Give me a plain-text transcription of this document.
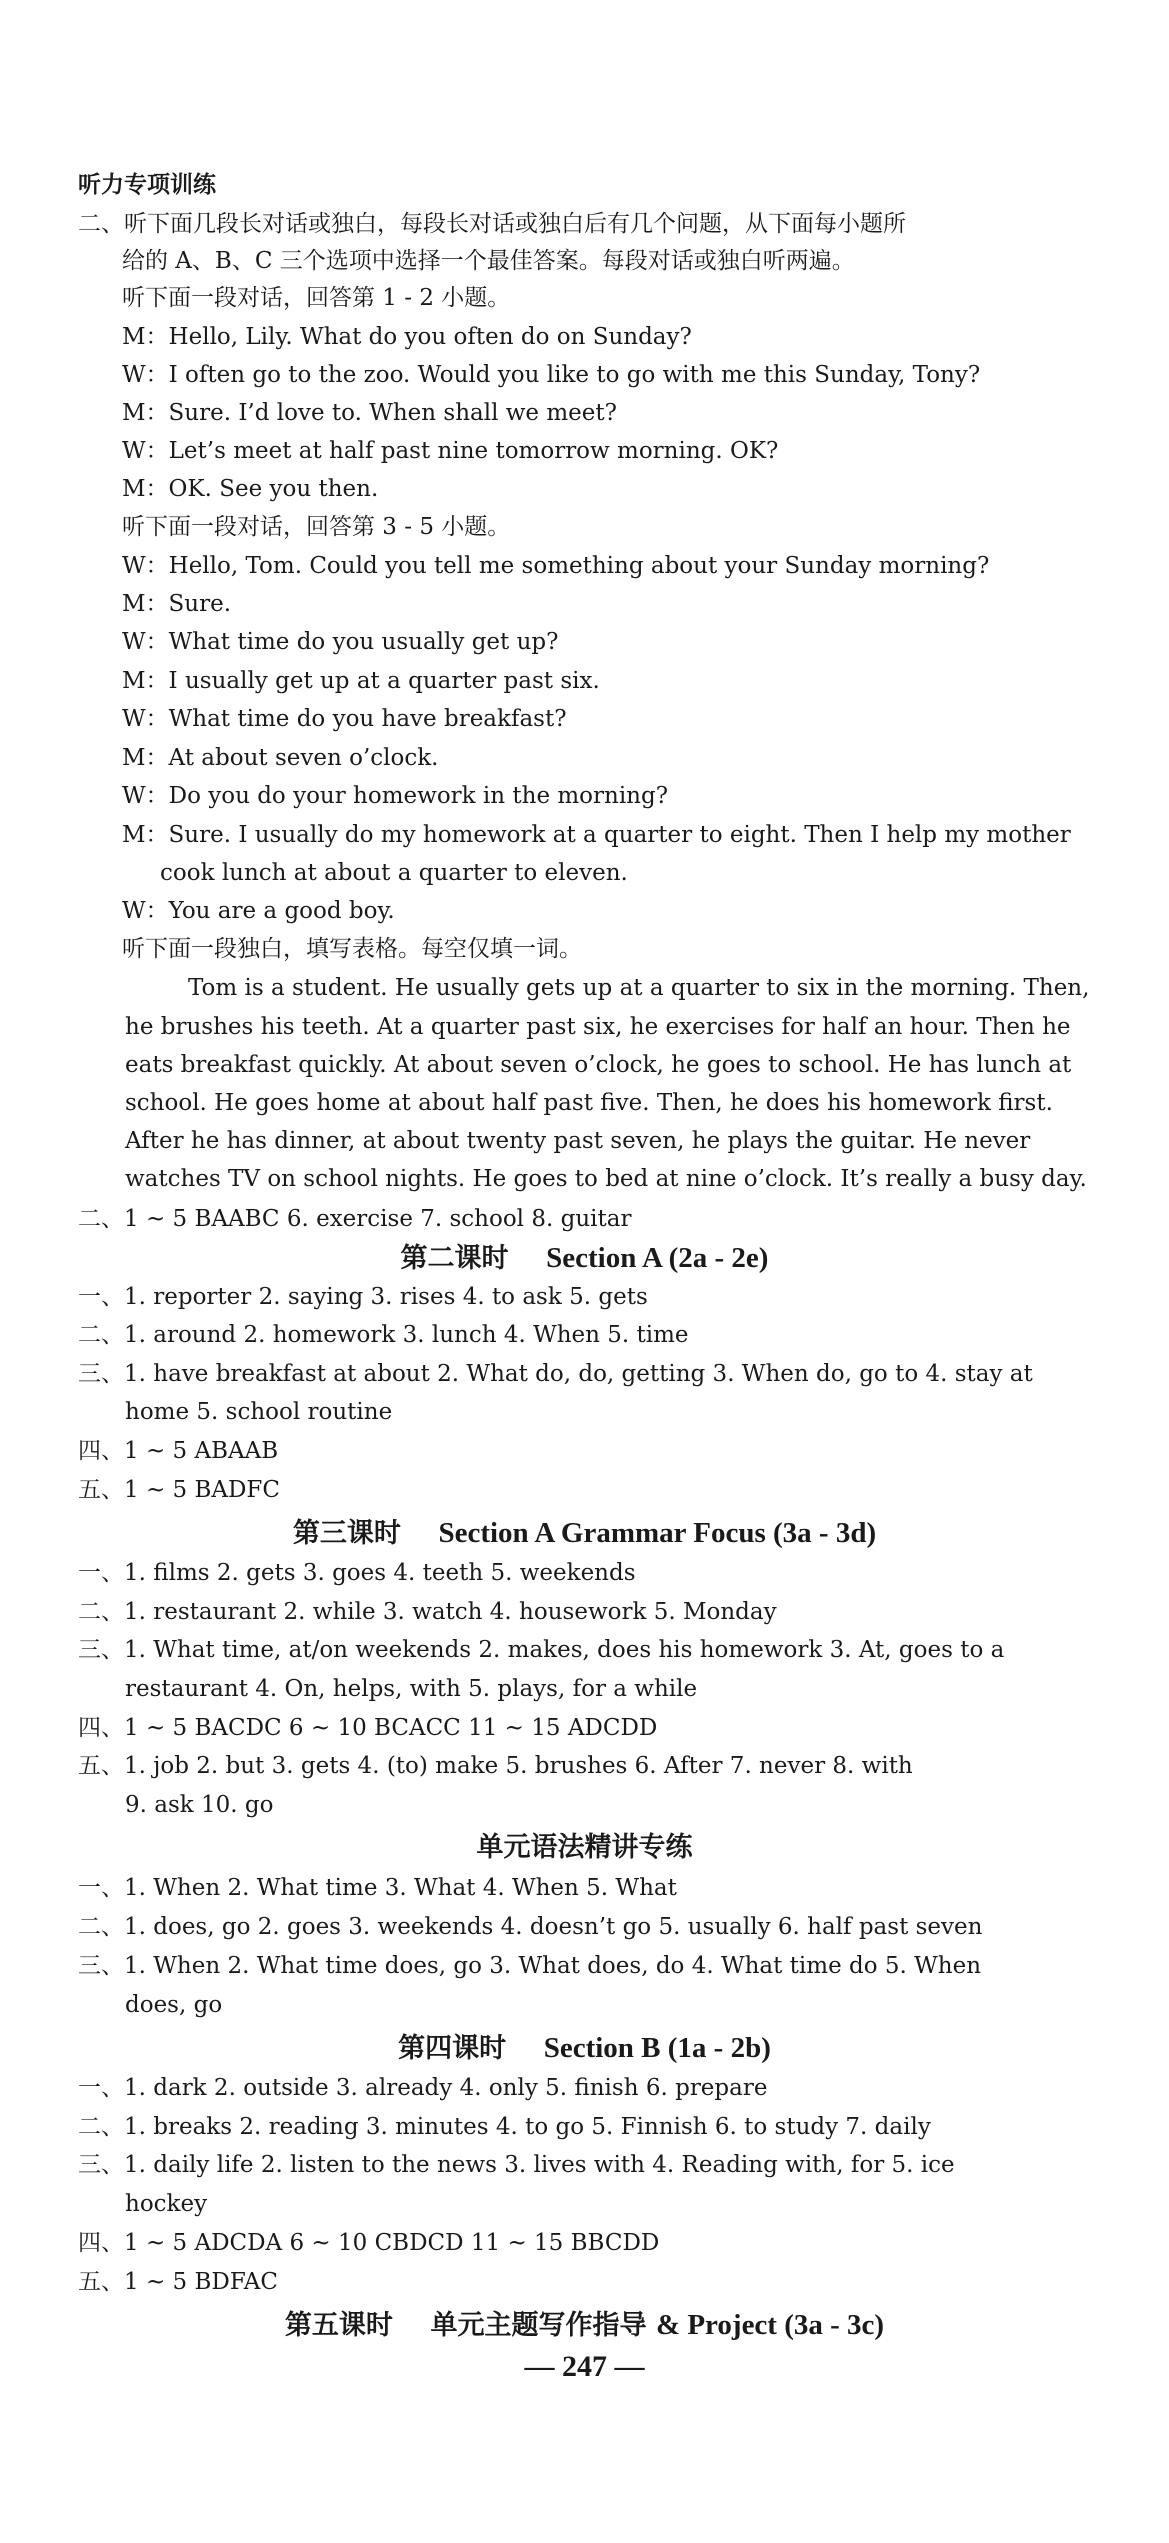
听力专项训练
二、听下面几段长对话或独白，每段长对话或独白后有几个问题，从下面每小题所
给的 A、B、C 三个选项中选择一个最佳答案。每段对话或独白听两遍。
听下面一段对话，回答第 1 - 2 小题。
M：Hello, Lily. What do you often do on Sunday?
W：I often go to the zoo. Would you like to go with me this Sunday, Tony?
M：Sure. I’d love to. When shall we meet?
W：Let’s meet at half past nine tomorrow morning. OK?
M：OK. See you then.
听下面一段对话，回答第 3 - 5 小题。
W：Hello, Tom. Could you tell me something about your Sunday morning?
M：Sure.
W：What time do you usually get up?
M：I usually get up at a quarter past six.
W：What time do you have breakfast?
M：At about seven o’clock.
W：Do you do your homework in the morning?
M：Sure. I usually do my homework at a quarter to eight. Then I help my mother
cook lunch at about a quarter to eleven.
W：You are a good boy.
听下面一段独白，填写表格。每空仅填一词。
Tom is a student. He usually gets up at a quarter to six in the morning. Then,
he brushes his teeth. At a quarter past six, he exercises for half an hour. Then he
eats breakfast quickly. At about seven o’clock, he goes to school. He has lunch at
school. He goes home at about half past five. Then, he does his homework first.
After he has dinner, at about twenty past seven, he plays the guitar. He never
watches TV on school nights. He goes to bed at nine o’clock. It’s really a busy day.
二、1 ~ 5 BAABC 6. exercise 7. school 8. guitar
第二课时 Section A (2a - 2e)
一、1. reporter 2. saying 3. rises 4. to ask 5. gets
二、1. around 2. homework 3. lunch 4. When 5. time
三、1. have breakfast at about 2. What do, do, getting 3. When do, go to 4. stay at
home 5. school routine
四、1 ~ 5 ABAAB
五、1 ~ 5 BADFC
第三课时 Section A Grammar Focus (3a - 3d)
一、1. films 2. gets 3. goes 4. teeth 5. weekends
二、1. restaurant 2. while 3. watch 4. housework 5. Monday
三、1. What time, at/on weekends 2. makes, does his homework 3. At, goes to a
restaurant 4. On, helps, with 5. plays, for a while
四、1 ~ 5 BACDC 6 ~ 10 BCACC 11 ~ 15 ADCDD
五、1. job 2. but 3. gets 4. (to) make 5. brushes 6. After 7. never 8. with
9. ask 10. go
单元语法精讲专练
一、1. When 2. What time 3. What 4. When 5. What
二、1. does, go 2. goes 3. weekends 4. doesn’t go 5. usually 6. half past seven
三、1. When 2. What time does, go 3. What does, do 4. What time do 5. When
does, go
第四课时 Section B (1a - 2b)
一、1. dark 2. outside 3. already 4. only 5. finish 6. prepare
二、1. breaks 2. reading 3. minutes 4. to go 5. Finnish 6. to study 7. daily
三、1. daily life 2. listen to the news 3. lives with 4. Reading with, for 5. ice
hockey
四、1 ~ 5 ADCDA 6 ~ 10 CBDCD 11 ~ 15 BBCDD
五、1 ~ 5 BDFAC
第五课时 单元主题写作指导 & Project (3a - 3c)
— 247 —
